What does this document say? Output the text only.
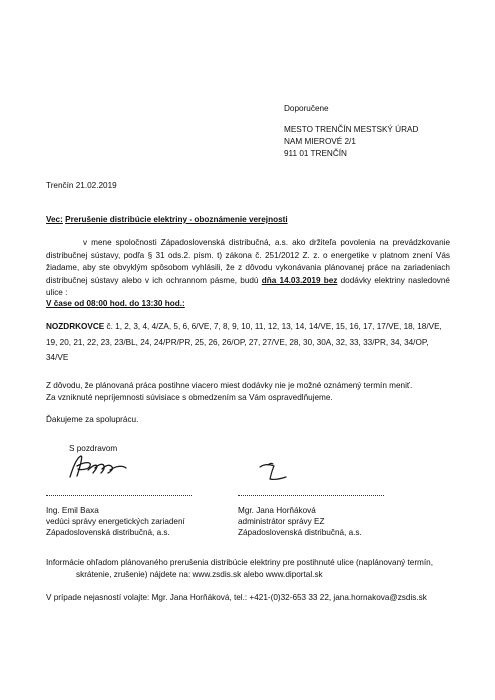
Doporučene
MESTO TRENČÍN MESTSKÝ ÚRAD
NAM MIEROVÉ 2/1
911 01 TRENČÍN
Trenčín 21.02.2019
Vec: Prerušenie distribúcie elektriny - oboznámenie verejnosti
v mene spoločnosti Západoslovenská distribučná, a.s. ako držiteľa povolenia na prevádzkovanie distribučnej sústavy, podľa § 31 ods.2. písm. t) zákona č. 251/2012 Z. z. o energetike v platnom znení Vás žiadame, aby ste obvyklým spôsobom vyhlásili, že z dôvodu vykonávania plánovanej práce na zariadeniach distribučnej sústavy alebo v ich ochrannom pásme, budú dňa 14.03.2019 bez dodávky elektriny nasledovné ulice :
V čase od 08:00 hod. do 13:30 hod.:
NOZDRKOVCE č. 1, 2, 3, 4, 4/ZA, 5, 6, 6/VE, 7, 8, 9, 10, 11, 12, 13, 14, 14/VE, 15, 16, 17, 17/VE, 18, 18/VE, 19, 20, 21, 22, 23, 23/BL, 24, 24/PR/PR, 25, 26, 26/OP, 27, 27/VE, 28, 30, 30A, 32, 33, 33/PR, 34, 34/OP, 34/VE
Z dôvodu, že plánovaná práca postihne viacero miest dodávky nie je možné oznámený termín meniť.
Za vzniknuté nepríjemnosti súvisiace s obmedzením sa Vám ospravedlňujeme.
Ďakujeme za spoluprácu.
S pozdravom
Ing. Emil Baxa
vedúci správy energetických zariadení
Západoslovenská distribučná, a.s.
Mgr. Jana Horňáková
administrátor správy EZ
Západoslovenská distribučná, a.s.
Informácie ohľadom plánovaného prerušenia distribúcie elektriny pre postihnuté ulice (naplánovaný termín,
skrátenie, zrušenie) nájdete na: www.zsdis.sk alebo www.diportal.sk
V prípade nejasností volajte: Mgr. Jana Horňáková, tel.: +421-(0)32-653 33 22, jana.hornakova@zsdis.sk
